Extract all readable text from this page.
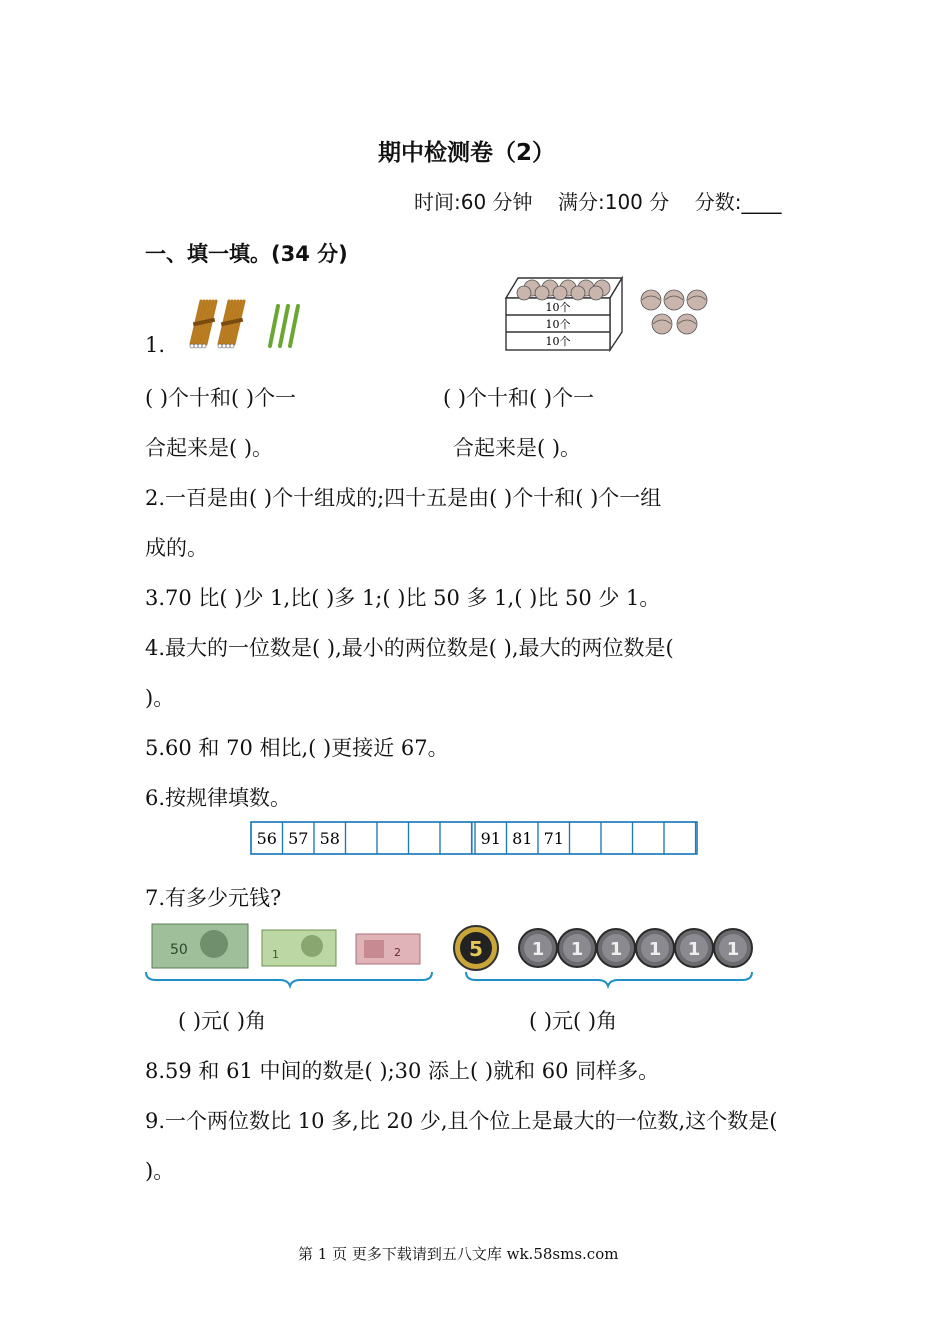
期中检测卷（2）
时间:60 分钟 满分:100 分 分数:____
一、填一填。(34 分)
1.
10个
10个
10个
( )个十和( )个一	( )个十和( )个一
合起来是( )。	合起来是( )。
2.一百是由( )个十组成的;四十五是由( )个十和( )个一组
成的。
3.70 比( )少 1,比( )多 1;( )比 50 多 1,( )比 50 少 1。
4.最大的一位数是( ),最小的两位数是( ),最大的两位数是(
)。
5.60 和 70 相比,( )更接近 67。
6.按规律填数。
56 57 58	91 81 71
7.有多少元钱?
50	1	2	5	1 1 1 1 1 1
( )元( )角	( )元( )角
8.59 和 61 中间的数是( );30 添上( )就和 60 同样多。
9.一个两位数比 10 多,比 20 少,且个位上是最大的一位数,这个数是(
)。
第 1 页 更多下载请到五八文库 wk.58sms.com
